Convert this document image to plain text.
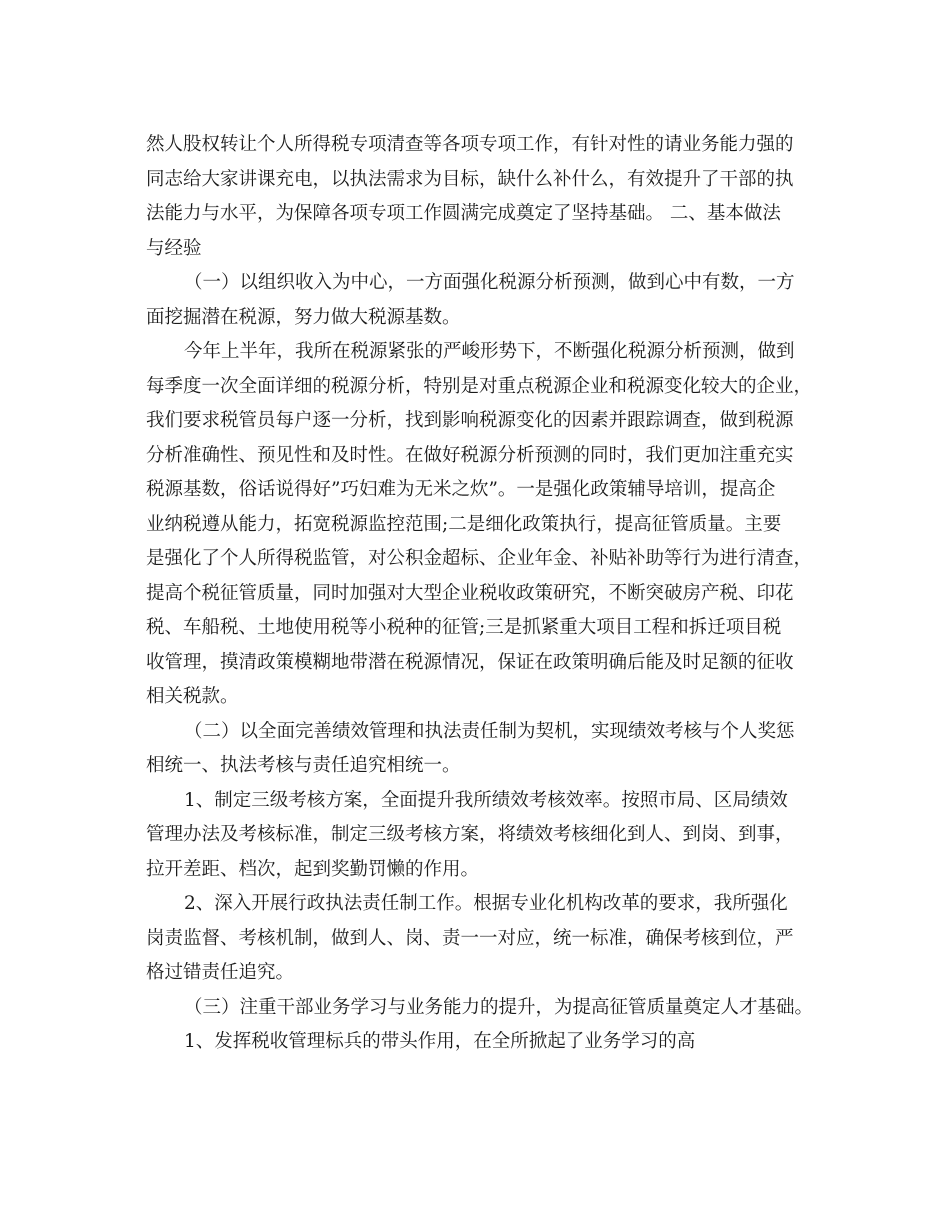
然人股权转让个人所得税专项清查等各项专项工作，有针对性的请业务能力强的
同志给大家讲课充电，以执法需求为目标，缺什么补什么，有效提升了干部的执
法能力与水平，为保障各项专项工作圆满完成奠定了坚持基础。 二、基本做法
与经验
（一）以组织收入为中心，一方面强化税源分析预测，做到心中有数，一方
面挖掘潜在税源，努力做大税源基数。
今年上半年，我所在税源紧张的严峻形势下，不断强化税源分析预测，做到
每季度一次全面详细的税源分析，特别是对重点税源企业和税源变化较大的企业，
我们要求税管员每户逐一分析，找到影响税源变化的因素并跟踪调查，做到税源
分析准确性、预见性和及时性。在做好税源分析预测的同时，我们更加注重充实
税源基数，俗话说得好”巧妇难为无米之炊”。一是强化政策辅导培训，提高企
业纳税遵从能力，拓宽税源监控范围;二是细化政策执行，提高征管质量。主要
是强化了个人所得税监管，对公积金超标、企业年金、补贴补助等行为进行清查，
提高个税征管质量，同时加强对大型企业税收政策研究，不断突破房产税、印花
税、车船税、土地使用税等小税种的征管;三是抓紧重大项目工程和拆迁项目税
收管理，摸清政策模糊地带潜在税源情况，保证在政策明确后能及时足额的征收
相关税款。
（二）以全面完善绩效管理和执法责任制为契机，实现绩效考核与个人奖惩
相统一、执法考核与责任追究相统一。
1、制定三级考核方案，全面提升我所绩效考核效率。按照市局、区局绩效
管理办法及考核标准，制定三级考核方案，将绩效考核细化到人、到岗、到事，
拉开差距、档次，起到奖勤罚懒的作用。
2、深入开展行政执法责任制工作。根据专业化机构改革的要求，我所强化
岗责监督、考核机制，做到人、岗、责一一对应，统一标准，确保考核到位，严
格过错责任追究。
（三）注重干部业务学习与业务能力的提升，为提高征管质量奠定人才基础。
1、发挥税收管理标兵的带头作用，在全所掀起了业务学习的高
